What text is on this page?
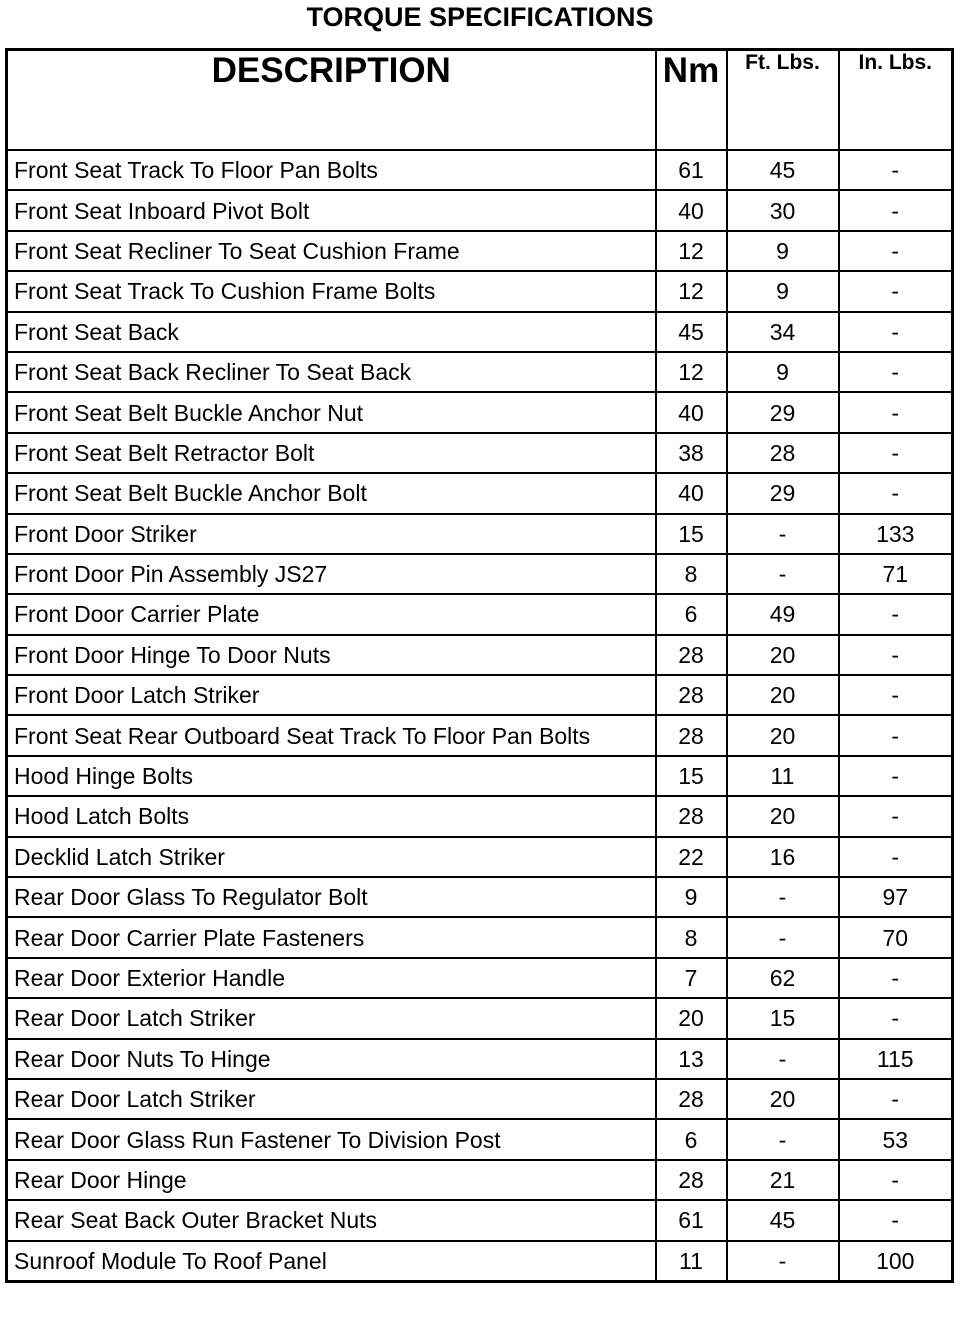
TORQUE SPECIFICATIONS
DESCRIPTION	Nm	Ft. Lbs.	In. Lbs.
Front Seat Track To Floor Pan Bolts	61	45	-
Front Seat Inboard Pivot Bolt	40	30	-
Front Seat Recliner To Seat Cushion Frame	12	9	-
Front Seat Track To Cushion Frame Bolts	12	9	-
Front Seat Back	45	34	-
Front Seat Back Recliner To Seat Back	12	9	-
Front Seat Belt Buckle Anchor Nut	40	29	-
Front Seat Belt Retractor Bolt	38	28	-
Front Seat Belt Buckle Anchor Bolt	40	29	-
Front Door Striker	15	-	133
Front Door Pin Assembly JS27	8	-	71
Front Door Carrier Plate	6	49	-
Front Door Hinge To Door Nuts	28	20	-
Front Door Latch Striker	28	20	-
Front Seat Rear Outboard Seat Track To Floor Pan Bolts	28	20	-
Hood Hinge Bolts	15	11	-
Hood Latch Bolts	28	20	-
Decklid Latch Striker	22	16	-
Rear Door Glass To Regulator Bolt	9	-	97
Rear Door Carrier Plate Fasteners	8	-	70
Rear Door Exterior Handle	7	62	-
Rear Door Latch Striker	20	15	-
Rear Door Nuts To Hinge	13	-	115
Rear Door Latch Striker	28	20	-
Rear Door Glass Run Fastener To Division Post	6	-	53
Rear Door Hinge	28	21	-
Rear Seat Back Outer Bracket Nuts	61	45	-
Sunroof Module To Roof Panel	11	-	100
